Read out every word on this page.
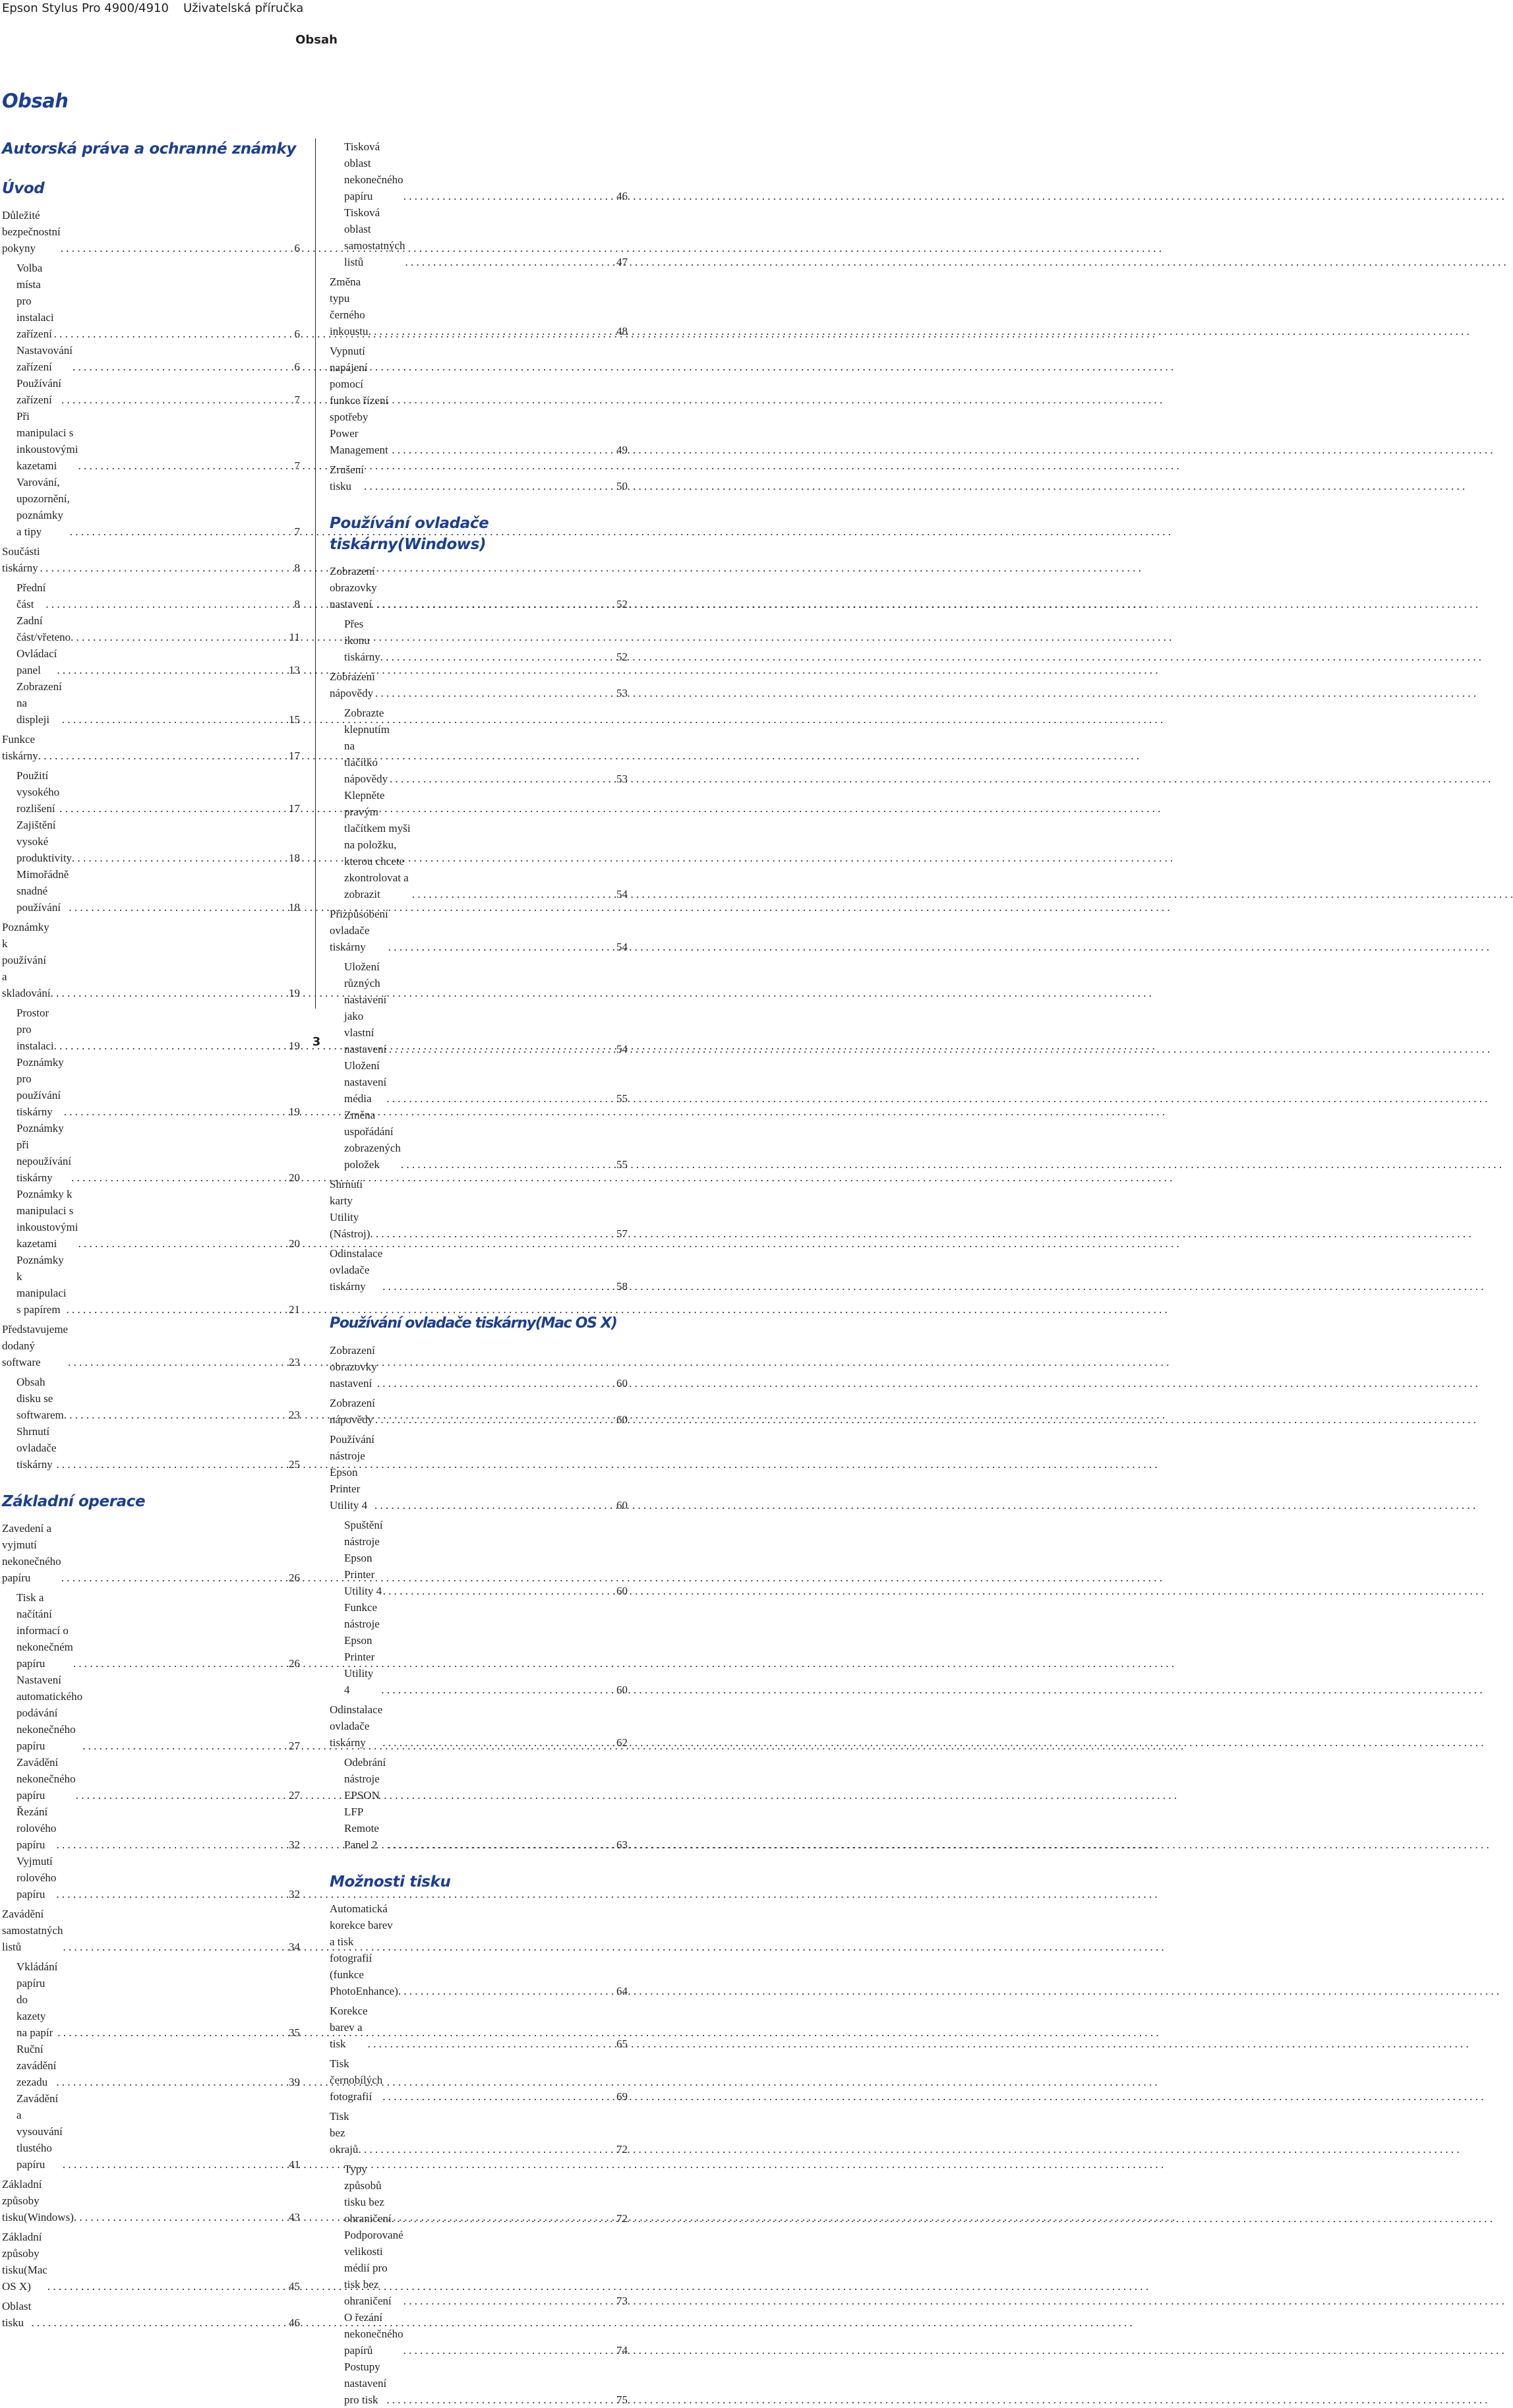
Epson Stylus Pro 4900/4910 Uživatelská příručka
Obsah
Obsah
Autorská práva a ochranné známky
Úvod
Důležité bezpečnostní pokyny . . .	6
Volba místa pro instalaci zařízení . . .	6
Nastavování zařízení . . .	6
Používání zařízení . . .	7
Při manipulaci s inkoustovými kazetami . . .	7
Varování, upozornění, poznámky a tipy . . .	7
Součásti tiskárny . . .	8
Přední část . . .	8
Zadní část/vřeteno . . .	11
Ovládací panel . . .	13
Zobrazení na displeji . . .	15
Funkce tiskárny . . .	17
Použití vysokého rozlišení . . .	17
Zajištění vysoké produktivity . . .	18
Mimořádně snadné používání . . .	18
Poznámky k používání a skladování . . .	19
Prostor pro instalaci . . .	19
Poznámky pro používání tiskárny . . .	19
Poznámky při nepoužívání tiskárny . . .	20
Poznámky k manipulaci s inkoustovými kazetami . . .	20
Poznámky k manipulaci s papírem . . .	21
Představujeme dodaný software . . .	23
Obsah disku se softwarem . . .	23
Shrnutí ovladače tiskárny . . .	25
Základní operace
Zavedení a vyjmutí nekonečného papíru . . .	26
Tisk a načítání informací o nekonečném papíru . . .	26
Nastavení automatického podávání nekonečného papíru . . .	27
Zavádění nekonečného papíru . . .	27
Řezání rolového papíru . . .	32
Vyjmutí rolového papíru . . .	32
Zavádění samostatných listů . . .	34
Vkládání papíru do kazety na papír . . .	35
Ruční zavádění zezadu . . .	39
Zavádění a vysouvání tlustého papíru . . .	41
Základní způsoby tisku(Windows) . . .	43
Základní způsoby tisku(Mac OS X) . . .	45
Oblast tisku . . .	46
Tisková oblast nekonečného papíru . . .	46
Tisková oblast samostatných listů . . .	47
Změna typu černého inkoustu . . .	48
Vypnutí napájení pomocí funkce řízení spotřeby Power Management . . .	49
Zrušení tisku . . .	50
Používání ovladače tiskárny(Windows)
Zobrazení obrazovky nastavení . . .	52
Přes ikonu tiskárny . . .	52
Zobrazení nápovědy . . .	53
Zobrazte klepnutím na tlačítko nápovědy . . .	53
Klepněte pravým tlačítkem myši na položku, kterou chcete zkontrolovat a zobrazit . . .	54
Přizpůsobení ovladače tiskárny . . .	54
Uložení různých nastavení jako vlastní nastavení . . .	54
Uložení nastavení média . . .	55
Změna uspořádání zobrazených položek . . .	55
Shrnutí karty Utility (Nástroj) . . .	57
Odinstalace ovladače tiskárny . . .	58
Používání ovladače tiskárny(Mac OS X)
Zobrazení obrazovky nastavení . . .	60
Zobrazení nápovědy . . .	60
Používání nástroje Epson Printer Utility 4 . . .	60
Spuštění nástroje Epson Printer Utility 4 . . .	60
Funkce nástroje Epson Printer Utility 4 . . .	60
Odinstalace ovladače tiskárny . . .	62
Odebrání nástroje EPSON LFP Remote Panel 2 . . .	63
Možnosti tisku
Automatická korekce barev a tisk fotografií (funkce PhotoEnhance) . . .	64
Korekce barev a tisk . . .	65
Tisk černobílých fotografií . . .	69
Tisk bez okrajů . . .	72
Typy způsobů tisku bez ohraničení . . .	72
Podporované velikosti médií pro tisk bez ohraničení . . .	73
O řezání nekonečného papírů . . .	74
Postupy nastavení pro tisk . . .	75
3
